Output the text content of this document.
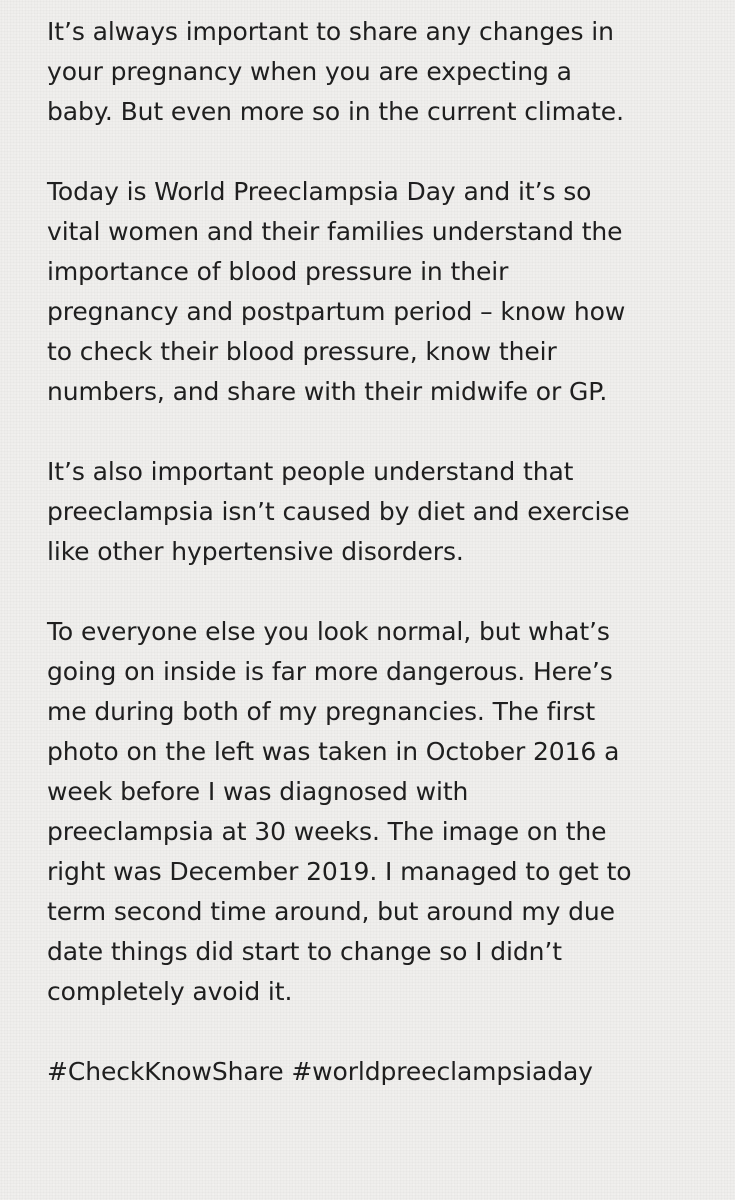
It’s always important to share any changes in
your pregnancy when you are expecting a
baby. But even more so in the current climate.
Today is World Preeclampsia Day and it’s so
vital women and their families understand the
importance of blood pressure in their
pregnancy and postpartum period – know how
to check their blood pressure, know their
numbers, and share with their midwife or GP.
It’s also important people understand that
preeclampsia isn’t caused by diet and exercise
like other hypertensive disorders.
To everyone else you look normal, but what’s
going on inside is far more dangerous. Here’s
me during both of my pregnancies. The first
photo on the left was taken in October 2016 a
week before I was diagnosed with
preeclampsia at 30 weeks. The image on the
right was December 2019. I managed to get to
term second time around, but around my due
date things did start to change so I didn’t
completely avoid it.
#CheckKnowShare #worldpreeclampsiaday
